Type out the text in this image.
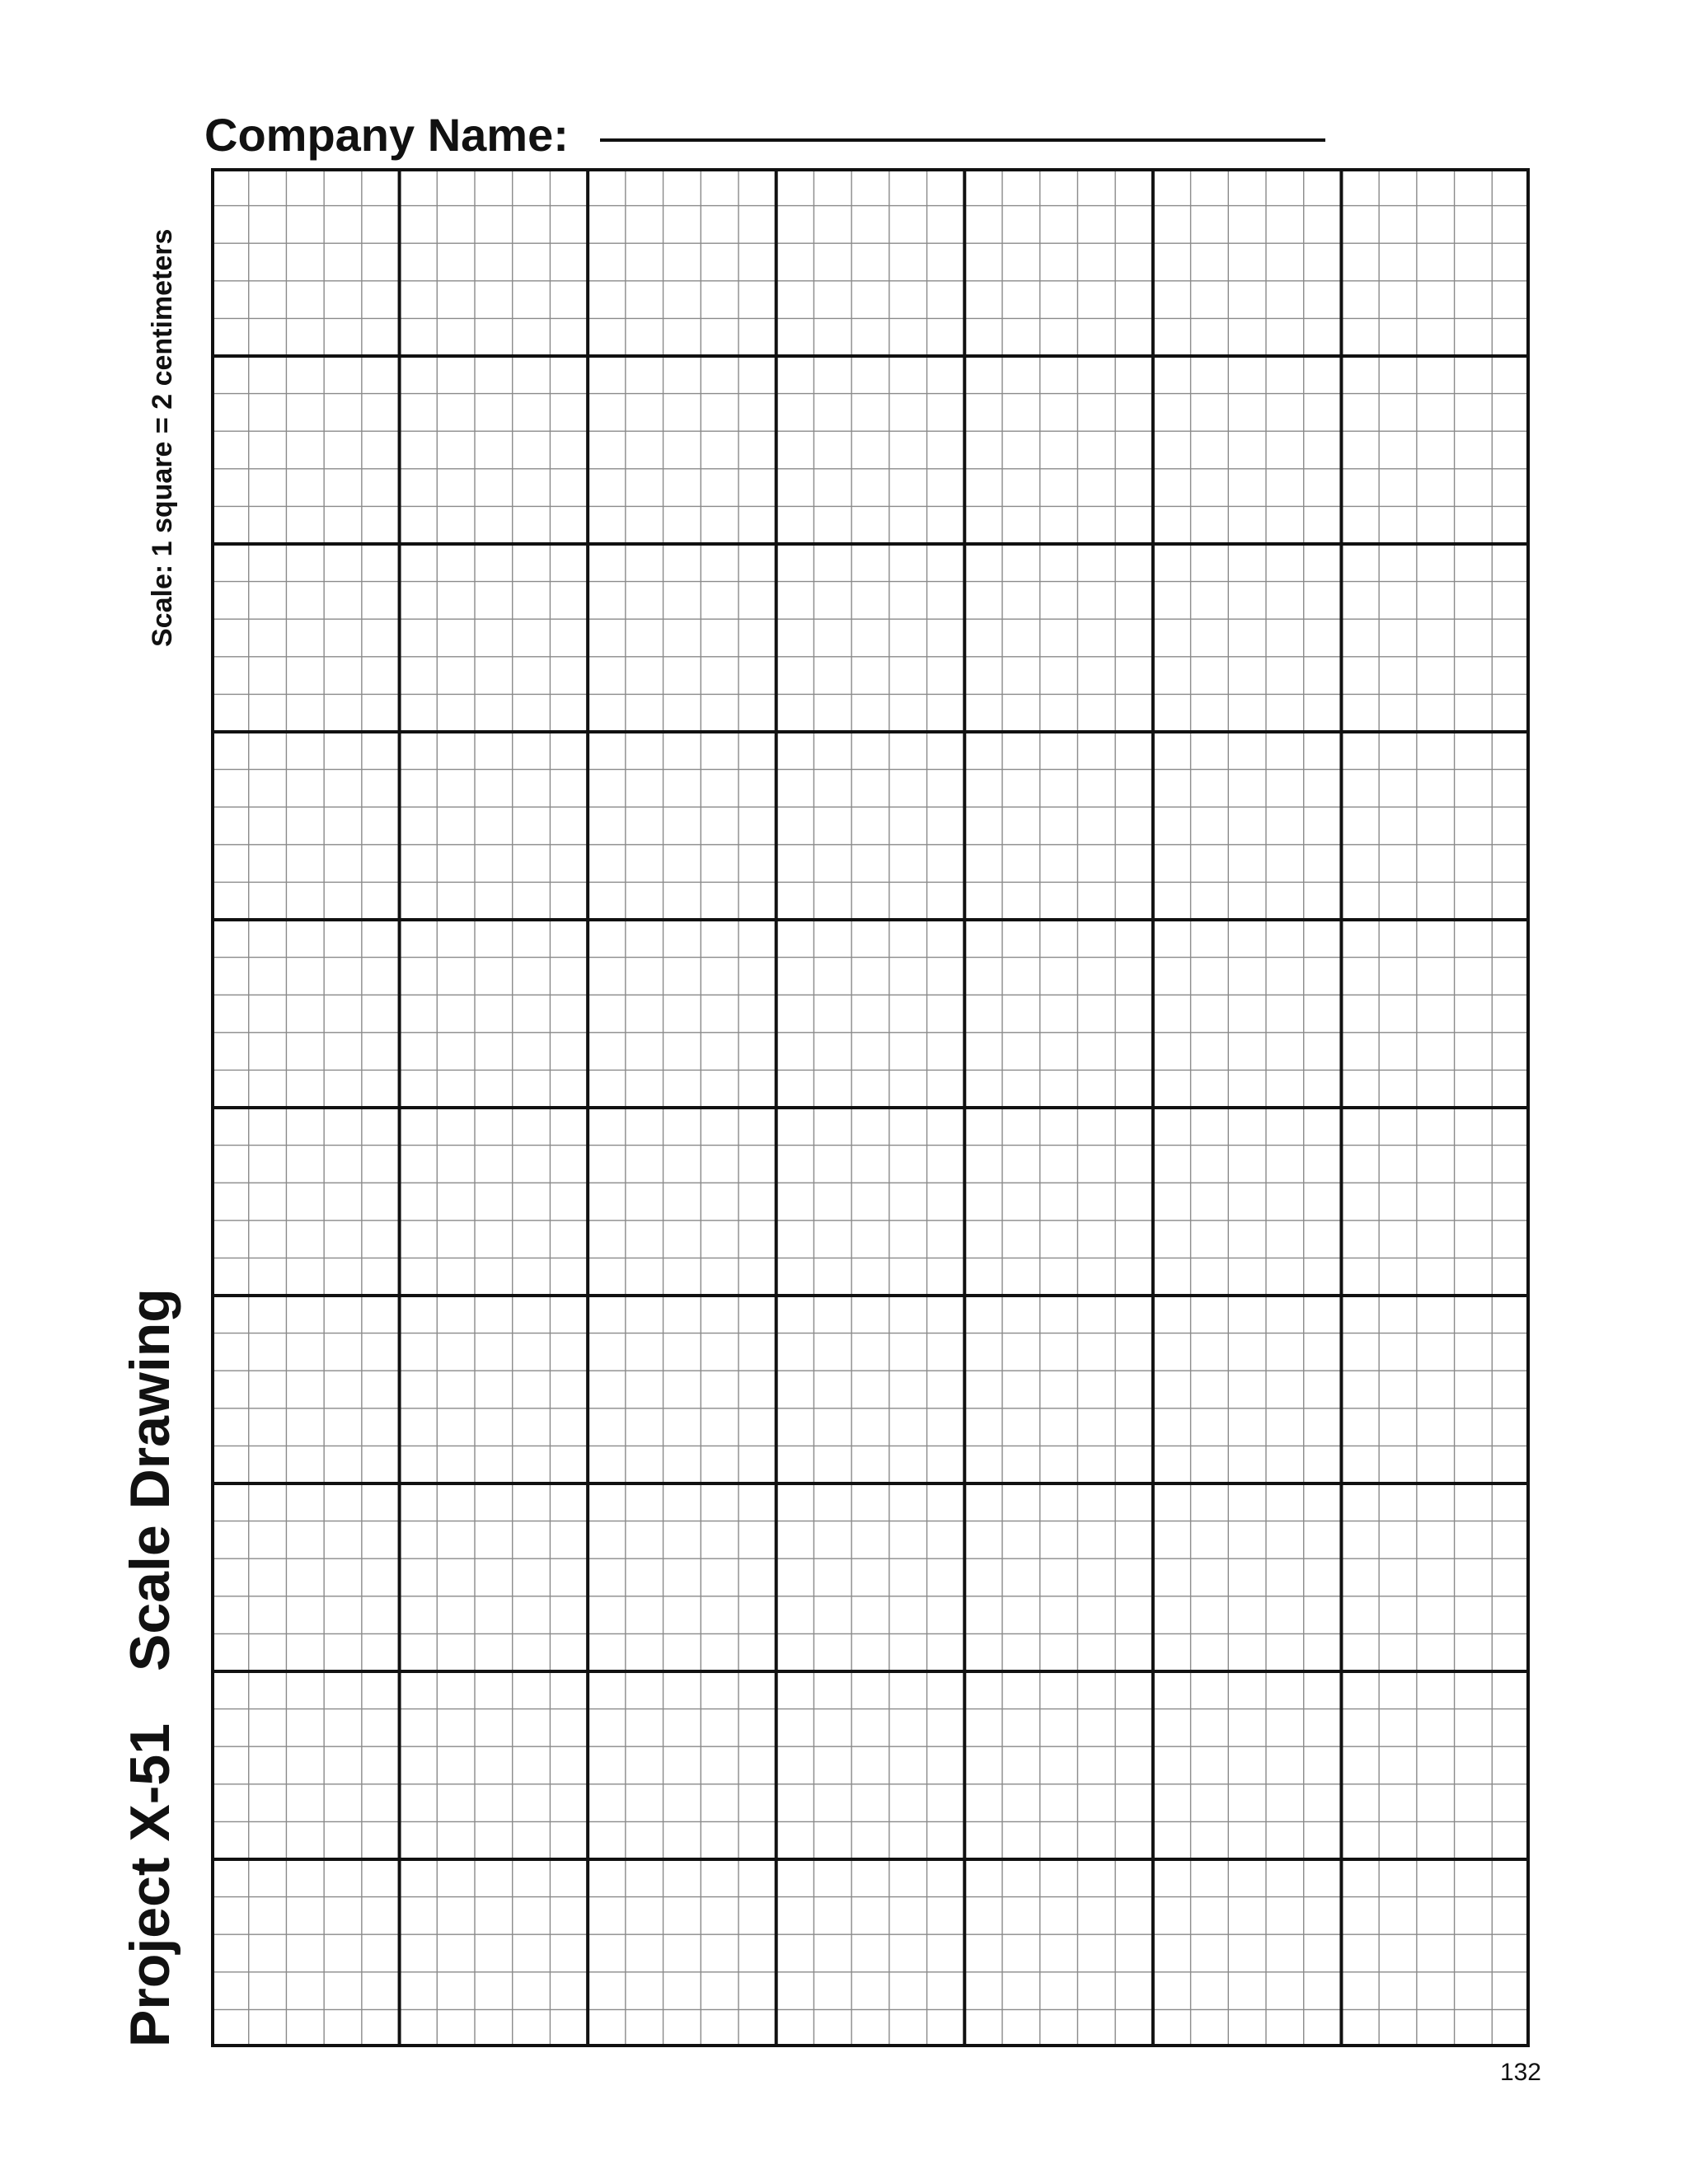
Company Name:
Scale: 1 square = 2 centimeters
Project X-51
Scale Drawing
132
